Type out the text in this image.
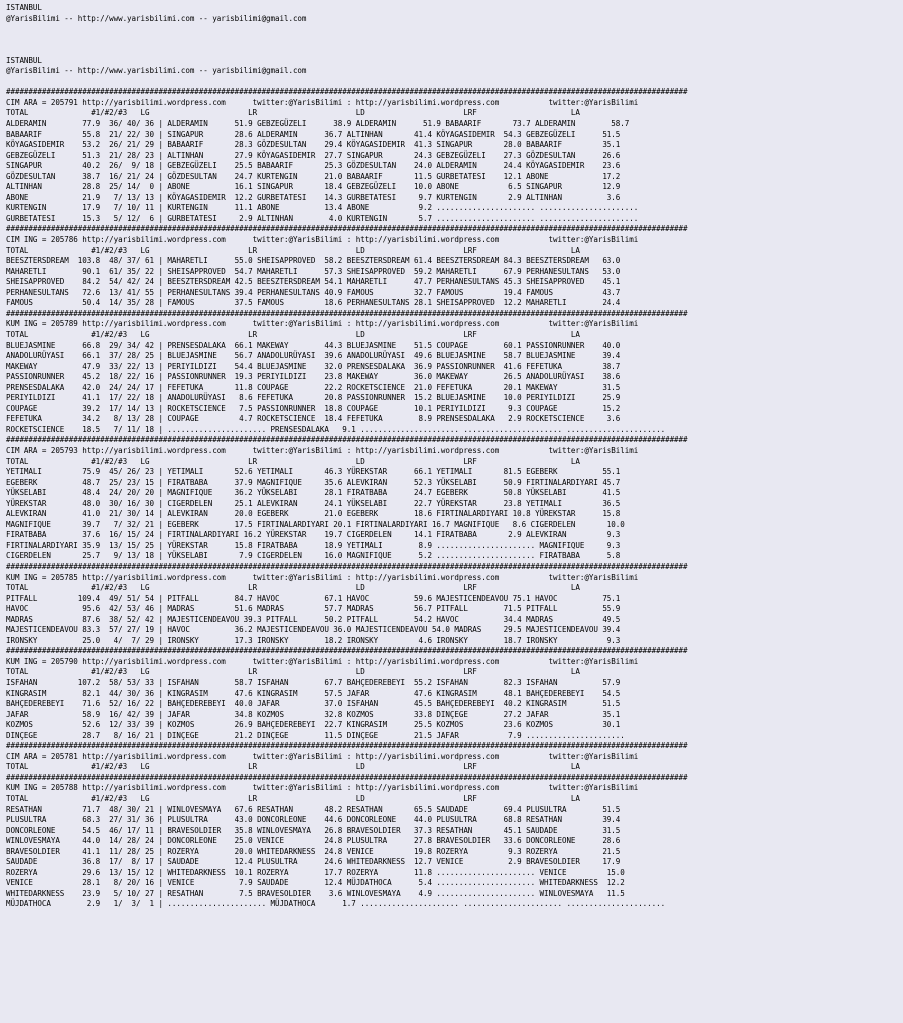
ISTANBUL
@YarisBilimi -- http://www.yarisbilimi.com -- yarisbilimi@gmail.com

ISTANBUL
@YarisBilimi -- http://www.yarisbilimi.com -- yarisbilimi@gmail.com

########################################################################################################################################################
CIM ARA = 205791 http://yarisbilimi.wordpress.com      twitter:@YarisBilimi : http://yarisbilimi.wordpress.com           twitter:@YarisBilimi
TOTAL              #1/#2/#3   LG                      LR                      LD                      LRF                     LA
ALDERAMIN        77.9  36/ 40/ 36 | ALDERAMIN      51.9 GEBZEGÜZELI      38.9 ALDERAMIN      51.9 BABAARIF       73.7 ALDERAMIN        58.7
BABAARIF         55.8  21/ 22/ 30 | SINGAPUR       28.6 ALDERAMIN      36.7 ALTINHAN       41.4 KÖYAGASIDEMIR  54.3 GEBZEGÜZELI      51.5
KÖYAGASIDEMIR    53.2  26/ 21/ 29 | BABAARIF       28.3 GÖZDESULTAN    29.4 KÖYAGASIDEMIR  41.3 SINGAPUR       28.0 BABAARIF         35.1
GEBZEGÜZELI      51.3  21/ 28/ 23 | ALTINHAN       27.9 KÖYAGASIDEMIR  27.7 SINGAPUR       24.3 GEBZEGÜZELI    27.3 GÖZDESULTAN      26.6
SINGAPUR         40.2  26/  9/ 18 | GEBZEGÜZELI    25.5 BABAARIF       25.3 GÖZDESULTAN    24.0 ALDERAMIN      24.4 KÖYAGASIDEMIR    23.6
GÖZDESULTAN      38.7  16/ 21/ 24 | GÖZDESULTAN    24.7 KURTENGIN      21.0 BABAARIF       11.5 GURBETATESI    12.1 ABONE            17.2
ALTINHAN         28.8  25/ 14/  0 | ABONE          16.1 SINGAPUR       18.4 GEBZEGÜZELI    10.0 ABONE           6.5 SINGAPUR         12.9
ABONE            21.9   7/ 13/ 13 | KÖYAGASIDEMIR  12.2 GURBETATESI    14.3 GURBETATESI     9.7 KURTENGIN       2.9 ALTINHAN          3.6
KURTENGIN        17.9   7/ 10/ 11 | KURTENGIN      11.1 ABONE          13.4 ABONE           9.2 ...................... ......................
GURBETATESI      15.3   5/ 12/  6 | GURBETATESI     2.9 ALTINHAN        4.0 KURTENGIN       5.7 ...................... ......................
########################################################################################################################################################
CIM ING = 205786 http://yarisbilimi.wordpress.com      twitter:@YarisBilimi : http://yarisbilimi.wordpress.com           twitter:@YarisBilimi
TOTAL              #1/#2/#3   LG                      LR                      LD                      LRF                     LA
BEESZTERSDREAM  103.8  48/ 37/ 61 | MAHARETLI      55.0 SHEISAPPROVED  58.2 BEESZTERSDREAM 61.4 BEESZTERSDREAM 84.3 BEESZTERSDREAM   63.0
MAHARETLI        90.1  61/ 35/ 22 | SHEISAPPROVED  54.7 MAHARETLI      57.3 SHEISAPPROVED  59.2 MAHARETLI      67.9 PERHANESULTANS   53.0
SHEISAPPROVED    84.2  54/ 42/ 24 | BEESZTERSDREAM 42.5 BEESZTERSDREAM 54.1 MAHARETLI      47.7 PERHANESULTANS 45.3 SHEISAPPROVED    45.1
PERHANESULTANS   72.6  13/ 41/ 55 | PERHANESULTANS 39.4 PERHANESULTANS 40.9 FAMOUS         32.7 FAMOUS         19.4 FAMOUS           43.7
FAMOUS           50.4  14/ 35/ 28 | FAMOUS         37.5 FAMOUS         18.6 PERHANESULTANS 28.1 SHEISAPPROVED  12.2 MAHARETLI        24.4
########################################################################################################################################################
KUM ING = 205789 http://yarisbilimi.wordpress.com      twitter:@YarisBilimi : http://yarisbilimi.wordpress.com           twitter:@YarisBilimi
TOTAL              #1/#2/#3   LG                      LR                      LD                      LRF                     LA
BLUEJASMINE      66.8  29/ 34/ 42 | PRENSESDALAKA  66.1 MAKEWAY        44.3 BLUEJASMINE    51.5 COUPAGE        60.1 PASSIONRUNNER    40.0
ANADOLURÜYASI    66.1  37/ 28/ 25 | BLUEJASMINE    56.7 ANADOLURÜYASI  39.6 ANADOLURÜYASI  49.6 BLUEJASMINE    58.7 BLUEJASMINE      39.4
MAKEWAY          47.9  33/ 22/ 13 | PERIYILDIZI    54.4 BLUEJASMINE    32.0 PRENSESDALAKA  36.9 PASSIONRUNNER  41.6 FEFETUKA         38.7
PASSIONRUNNER    45.2  18/ 22/ 16 | PASSIONRUNNER  19.3 PERIYILDIZI    23.8 MAKEWAY        36.0 MAKEWAY        26.5 ANADOLURÜYASI    38.6
PRENSESDALAKA    42.0  24/ 24/ 17 | FEFETUKA       11.8 COUPAGE        22.2 ROCKETSCIENCE  21.0 FEFETUKA       20.1 MAKEWAY          31.5
PERIYILDIZI      41.1  17/ 22/ 18 | ANADOLURÜYASI   8.6 FEFETUKA       20.8 PASSIONRUNNER  15.2 BLUEJASMINE    10.0 PERIYILDIZI      25.9
COUPAGE          39.2  17/ 14/ 13 | ROCKETSCIENCE   7.5 PASSIONRUNNER  18.8 COUPAGE        10.1 PERIYILDIZI     9.3 COUPAGE          15.2
FEFETUKA         34.2   8/ 13/ 28 | COUPAGE         4.7 ROCKETSCIENCE  18.4 FEFETUKA        8.9 PRENSESDALAKA   2.9 ROCKETSCIENCE     3.6
ROCKETSCIENCE    18.5   7/ 11/ 18 | ...................... PRENSESDALAKA   9.1 ...................... ...................... ......................
########################################################################################################################################################
CIM ARA = 205793 http://yarisbilimi.wordpress.com      twitter:@YarisBilimi : http://yarisbilimi.wordpress.com           twitter:@YarisBilimi
TOTAL              #1/#2/#3   LG                      LR                      LD                      LRF                     LA
YETIMALI         75.9  45/ 26/ 23 | YETIMALI       52.6 YETIMALI       46.3 YÜREKSTAR      66.1 YETIMALI       81.5 EGEBERK          55.1
EGEBERK          48.7  25/ 23/ 15 | FIRATBABA      37.9 MAGNIFIQUE     35.6 ALEVKIRAN      52.3 YÜKSELABI      50.9 FIRTINALARDIYARI 45.7
YÜKSELABI        48.4  24/ 20/ 20 | MAGNIFIQUE     36.2 YÜKSELABI      28.1 FIRATBABA      24.7 EGEBERK        50.8 YÜKSELABI        41.5
YÜREKSTAR        48.0  30/ 16/ 30 | CIGERDELEN     25.1 ALEVKIRAN      24.1 YÜKSELABI      22.7 YÜREKSTAR      23.8 YETIMALI         36.5
ALEVKIRAN        41.0  21/ 30/ 14 | ALEVKIRAN      20.0 EGEBERK        21.0 EGEBERK        18.6 FIRTINALARDIYARI 10.8 YÜREKSTAR      15.8
MAGNIFIQUE       39.7   7/ 32/ 21 | EGEBERK        17.5 FIRTINALARDIYARI 20.1 FIRTINALARDIYARI 16.7 MAGNIFIQUE   8.6 CIGERDELEN       10.0
FIRATBABA        37.6  16/ 15/ 24 | FIRTINALARDIYARI 16.2 YÜREKSTAR    19.7 CIGERDELEN     14.1 FIRATBABA       2.9 ALEVKIRAN         9.3
FIRTINALARDIYARI 35.9  13/ 15/ 25 | YÜREKSTAR      15.8 FIRATBABA      18.9 YETIMALI        8.9 ...................... MAGNIFIQUE     9.3
CIGERDELEN       25.7   9/ 13/ 18 | YÜKSELABI       7.9 CIGERDELEN     16.0 MAGNIFIQUE      5.2 ...................... FIRATBABA      5.8
########################################################################################################################################################
KUM ING = 205785 http://yarisbilimi.wordpress.com      twitter:@YarisBilimi : http://yarisbilimi.wordpress.com           twitter:@YarisBilimi
TOTAL              #1/#2/#3   LG                      LR                      LD                      LRF                     LA
PITFALL         109.4  49/ 51/ 54 | PITFALL        84.7 HAVOC          67.1 HAVOC          59.6 MAJESTICENDEAVOU 75.1 HAVOC          75.1
HAVOC            95.6  42/ 53/ 46 | MADRAS         51.6 MADRAS         57.7 MADRAS         56.7 PITFALL        71.5 PITFALL          55.9
MADRAS           87.6  38/ 52/ 42 | MAJESTICENDEAVOU 39.3 PITFALL      50.2 PITFALL        54.2 HAVOC          34.4 MADRAS           49.5
MAJESTICENDEAVOU 83.3  57/ 27/ 19 | HAVOC          36.2 MAJESTICENDEAVOU 36.0 MAJESTICENDEAVOU 54.0 MADRAS     29.5 MAJESTICENDEAVOU 39.4
IRONSKY          25.0   4/  7/ 29 | IRONSKY        17.3 IRONSKY        18.2 IRONSKY         4.6 IRONSKY        18.7 IRONSKY           9.3
########################################################################################################################################################
KUM ING = 205790 http://yarisbilimi.wordpress.com      twitter:@YarisBilimi : http://yarisbilimi.wordpress.com           twitter:@YarisBilimi
TOTAL              #1/#2/#3   LG                      LR                      LD                      LRF                     LA
ISFAHAN         107.2  58/ 53/ 33 | ISFAHAN        58.7 ISFAHAN        67.7 BAHÇEDEREBEYI  55.2 ISFAHAN        82.3 ISFAHAN          57.9
KINGRASIM        82.1  44/ 30/ 36 | KINGRASIM      47.6 KINGRASIM      57.5 JAFAR          47.6 KINGRASIM      48.1 BAHÇEDEREBEYI    54.5
BAHÇEDEREBEYI    71.6  52/ 16/ 22 | BAHÇEDEREBEYI  40.0 JAFAR          37.0 ISFAHAN        45.5 BAHÇEDEREBEYI  40.2 KINGRASIM        51.5
JAFAR            58.9  16/ 42/ 39 | JAFAR          34.8 KOZMOS         32.8 KOZMOS         33.8 DINÇEGE        27.2 JAFAR            35.1
KOZMOS           52.6  12/ 33/ 39 | KOZMOS         26.9 BAHÇEDEREBEYI  22.7 KINGRASIM      25.5 KOZMOS         23.6 KOZMOS           30.1
DINÇEGE          28.7   8/ 16/ 21 | DINÇEGE        21.2 DINÇEGE        11.5 DINÇEGE        21.5 JAFAR           7.9 ......................
########################################################################################################################################################
CIM ARA = 205781 http://yarisbilimi.wordpress.com      twitter:@YarisBilimi : http://yarisbilimi.wordpress.com           twitter:@YarisBilimi
TOTAL              #1/#2/#3   LG                      LR                      LD                      LRF                     LA
########################################################################################################################################################
KUM ING = 205788 http://yarisbilimi.wordpress.com      twitter:@YarisBilimi : http://yarisbilimi.wordpress.com           twitter:@YarisBilimi
TOTAL              #1/#2/#3   LG                      LR                      LD                      LRF                     LA
RESATHAN         71.7  48/ 30/ 21 | WINLOVESMAYA   67.6 RESATHAN       48.2 RESATHAN       65.5 SAUDADE        69.4 PLUSULTRA        51.5
PLUSULTRA        68.3  27/ 31/ 36 | PLUSULTRA      43.0 DONCORLEONE    44.6 DONCORLEONE    44.0 PLUSULTRA      68.8 RESATHAN         39.4
DONCORLEONE      54.5  46/ 17/ 11 | BRAVESOLDIER   35.8 WINLOVESMAYA   26.8 BRAVESOLDIER   37.3 RESATHAN       45.1 SAUDADE          31.5
WINLOVESMAYA     44.0  14/ 28/ 24 | DONCORLEONE    25.0 VENICE         24.8 PLUSULTRA      27.8 BRAVESOLDIER   33.6 DONCORLEONE      28.6
BRAVESOLDIER     41.1  11/ 28/ 25 | ROZERYA        20.0 WHITEDARKNESS  24.8 VENICE         19.8 ROZERYA         9.3 ROZERYA          21.5
SAUDADE          36.8  17/  8/ 17 | SAUDADE        12.4 PLUSULTRA      24.6 WHITEDARKNESS  12.7 VENICE          2.9 BRAVESOLDIER     17.9
ROZERYA          29.6  13/ 15/ 12 | WHITEDARKNESS  10.1 ROZERYA        17.7 ROZERYA        11.8 ...................... VENICE         15.0
VENICE           28.1   8/ 20/ 16 | VENICE          7.9 SAUDADE        12.4 MÜJDATHOCA      5.4 ...................... WHITEDARKNESS  12.2
WHITEDARKNESS    23.9   5/ 10/ 27 | RESATHAN        7.5 BRAVESOLDIER    3.6 WINLOVESMAYA    4.9 ...................... WINLOVESMAYA   11.5
MÜJDATHOCA        2.9   1/  3/  1 | ...................... MÜJDATHOCA      1.7 ...................... ...................... ......................
